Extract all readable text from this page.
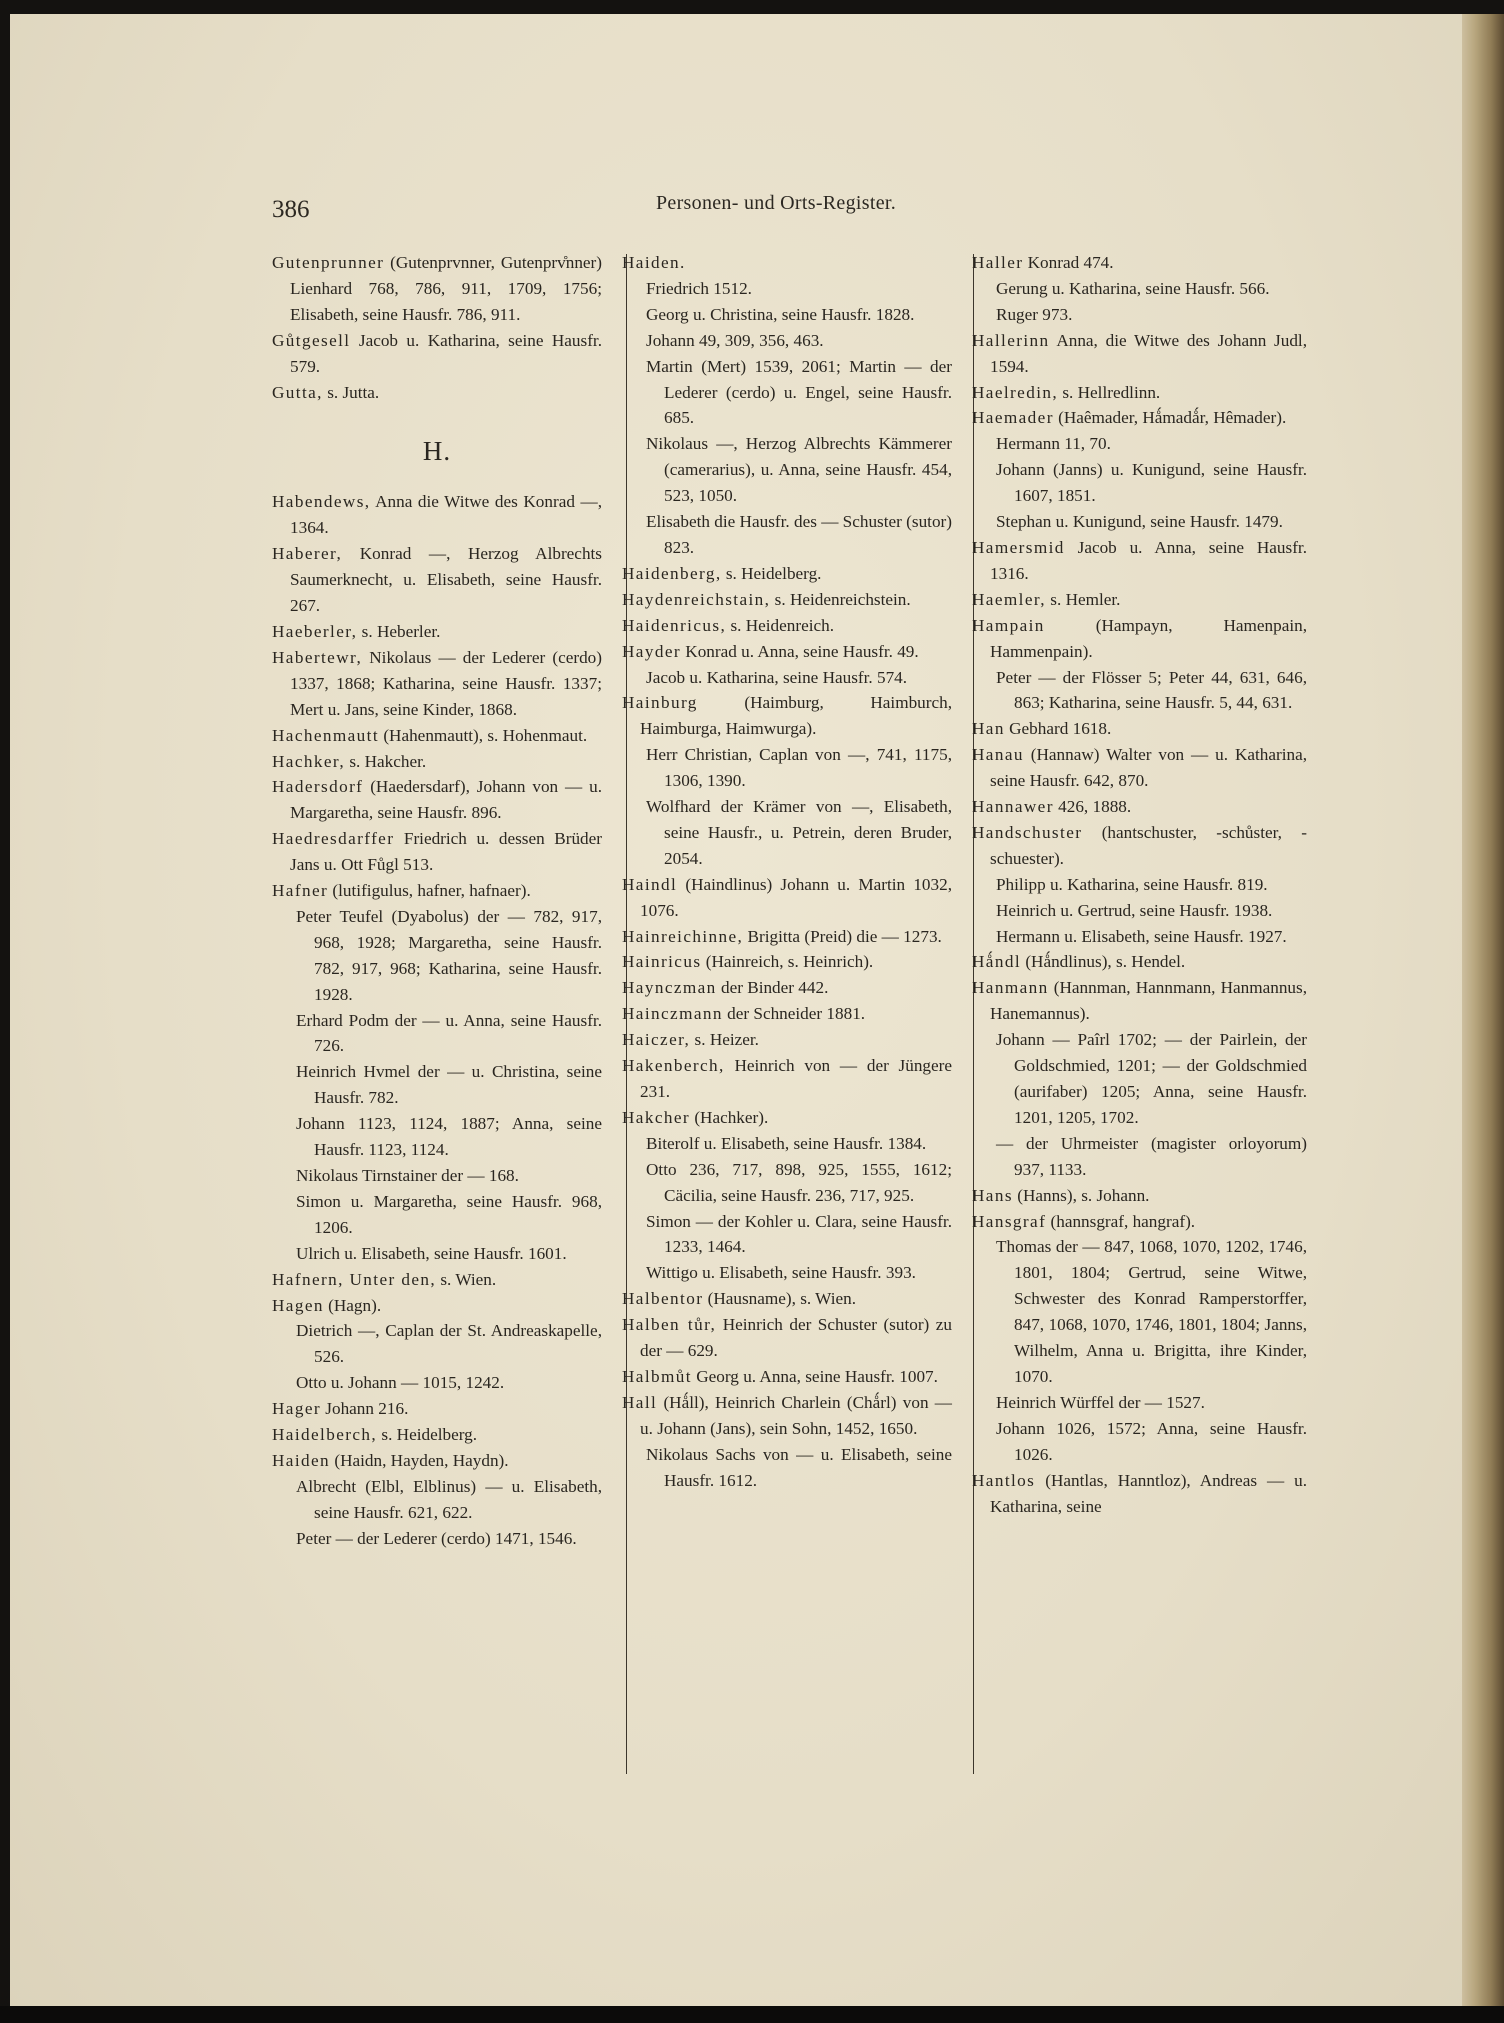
386	Personen- und Orts-Register.
Gutenprunner (Gutenprvnner, Gutenprv̊nner) Lienhard 768, 786, 911, 1709, 1756; Elisabeth, seine Hausfr. 786, 911.
Gůtgesell Jacob u. Katharina, seine Hausfr. 579.
Gutta, s. Jutta.
H.
Habendews, Anna die Witwe des Konrad —, 1364.
Haberer, Konrad —, Herzog Albrechts Saumerknecht, u. Elisabeth, seine Hausfr. 267.
Haeberler, s. Heberler.
Habertewr, Nikolaus — der Lederer (cerdo) 1337, 1868; Katharina, seine Hausfr. 1337; Mert u. Jans, seine Kinder, 1868.
Hachenmautt (Hahenmautt), s. Hohenmaut.
Hachker, s. Hakcher.
Hadersdorf (Haedersdarf), Johann von — u. Margaretha, seine Hausfr. 896.
Haedresdarffer Friedrich u. dessen Brüder Jans u. Ott Fůgl 513.
Hafner (lutifigulus, hafner, hafnaer).
Peter Teufel (Dyabolus) der — 782, 917, 968, 1928; Margaretha, seine Hausfr. 782, 917, 968; Katharina, seine Hausfr. 1928.
Erhard Podm der — u. Anna, seine Hausfr. 726.
Heinrich Hvmel der — u. Christina, seine Hausfr. 782.
Johann 1123, 1124, 1887; Anna, seine Hausfr. 1123, 1124.
Nikolaus Tirnstainer der — 168.
Simon u. Margaretha, seine Hausfr. 968, 1206.
Ulrich u. Elisabeth, seine Hausfr. 1601.
Hafnern, Unter den, s. Wien.
Hagen (Hagn).
Dietrich —, Caplan der St. Andreaskapelle, 526.
Otto u. Johann — 1015, 1242.
Hager Johann 216.
Haidelberch, s. Heidelberg.
Haiden (Haidn, Hayden, Haydn).
Albrecht (Elbl, Elblinus) — u. Elisabeth, seine Hausfr. 621, 622.
Peter — der Lederer (cerdo) 1471, 1546.
Haiden.
Friedrich 1512.
Georg u. Christina, seine Hausfr. 1828.
Johann 49, 309, 356, 463.
Martin (Mert) 1539, 2061; Martin — der Lederer (cerdo) u. Engel, seine Hausfr. 685.
Nikolaus —, Herzog Albrechts Kämmerer (camerarius), u. Anna, seine Hausfr. 454, 523, 1050.
Elisabeth die Hausfr. des — Schuster (sutor) 823.
Haidenberg, s. Heidelberg.
Haydenreichstain, s. Heidenreichstein.
Haidenricus, s. Heidenreich.
Hayder Konrad u. Anna, seine Hausfr. 49.
Jacob u. Katharina, seine Hausfr. 574.
Hainburg (Haimburg, Haimburch, Haimburga, Haimwurga).
Herr Christian, Caplan von —, 741, 1175, 1306, 1390.
Wolfhard der Krämer von —, Elisabeth, seine Hausfr., u. Petrein, deren Bruder, 2054.
Haindl (Haindlinus) Johann u. Martin 1032, 1076.
Hainreichinne, Brigitta (Preid) die — 1273.
Hainricus (Hainreich, s. Heinrich).
Haynczman der Binder 442.
Hainczmann der Schneider 1881.
Haiczer, s. Heizer.
Hakenberch, Heinrich von — der Jüngere 231.
Hakcher (Hachker).
Biterolf u. Elisabeth, seine Hausfr. 1384.
Otto 236, 717, 898, 925, 1555, 1612; Cäcilia, seine Hausfr. 236, 717, 925.
Simon — der Kohler u. Clara, seine Hausfr. 1233, 1464.
Wittigo u. Elisabeth, seine Hausfr. 393.
Halbentor (Hausname), s. Wien.
Halben tůr, Heinrich der Schuster (sutor) zu der — 629.
Halbmůt Georg u. Anna, seine Hausfr. 1007.
Hall (Hǻll), Heinrich Charlein (Chǻrl) von — u. Johann (Jans), sein Sohn, 1452, 1650.
Nikolaus Sachs von — u. Elisabeth, seine Hausfr. 1612.
Haller Konrad 474.
Gerung u. Katharina, seine Hausfr. 566.
Ruger 973.
Hallerinn Anna, die Witwe des Johann Judl, 1594.
Haelredin, s. Hellredlinn.
Haemader (Haêmader, Hǻmadǻr, Hêmader).
Hermann 11, 70.
Johann (Janns) u. Kunigund, seine Hausfr. 1607, 1851.
Stephan u. Kunigund, seine Hausfr. 1479.
Hamersmid Jacob u. Anna, seine Hausfr. 1316.
Haemler, s. Hemler.
Hampain (Hampayn, Hamenpain, Hammenpain).
Peter — der Flösser 5; Peter 44, 631, 646, 863; Katharina, seine Hausfr. 5, 44, 631.
Han Gebhard 1618.
Hanau (Hannaw) Walter von — u. Katharina, seine Hausfr. 642, 870.
Hannawer 426, 1888.
Handschuster (hantschuster, -schůster, -schuester).
Philipp u. Katharina, seine Hausfr. 819.
Heinrich u. Gertrud, seine Hausfr. 1938.
Hermann u. Elisabeth, seine Hausfr. 1927.
Hǻndl (Hǻndlinus), s. Hendel.
Hanmann (Hannman, Hannmann, Hanmannus, Hanemannus).
Johann — Paîrl 1702; — der Pairlein, der Goldschmied, 1201; — der Goldschmied (aurifaber) 1205; Anna, seine Hausfr. 1201, 1205, 1702.
— der Uhrmeister (magister orloyorum) 937, 1133.
Hans (Hanns), s. Johann.
Hansgraf (hannsgraf, hangraf).
Thomas der — 847, 1068, 1070, 1202, 1746, 1801, 1804; Gertrud, seine Witwe, Schwester des Konrad Ramperstorffer, 847, 1068, 1070, 1746, 1801, 1804; Janns, Wilhelm, Anna u. Brigitta, ihre Kinder, 1070.
Heinrich Würffel der — 1527.
Johann 1026, 1572; Anna, seine Hausfr. 1026.
Hantlos (Hantlas, Hanntloz), Andreas — u. Katharina, seine
